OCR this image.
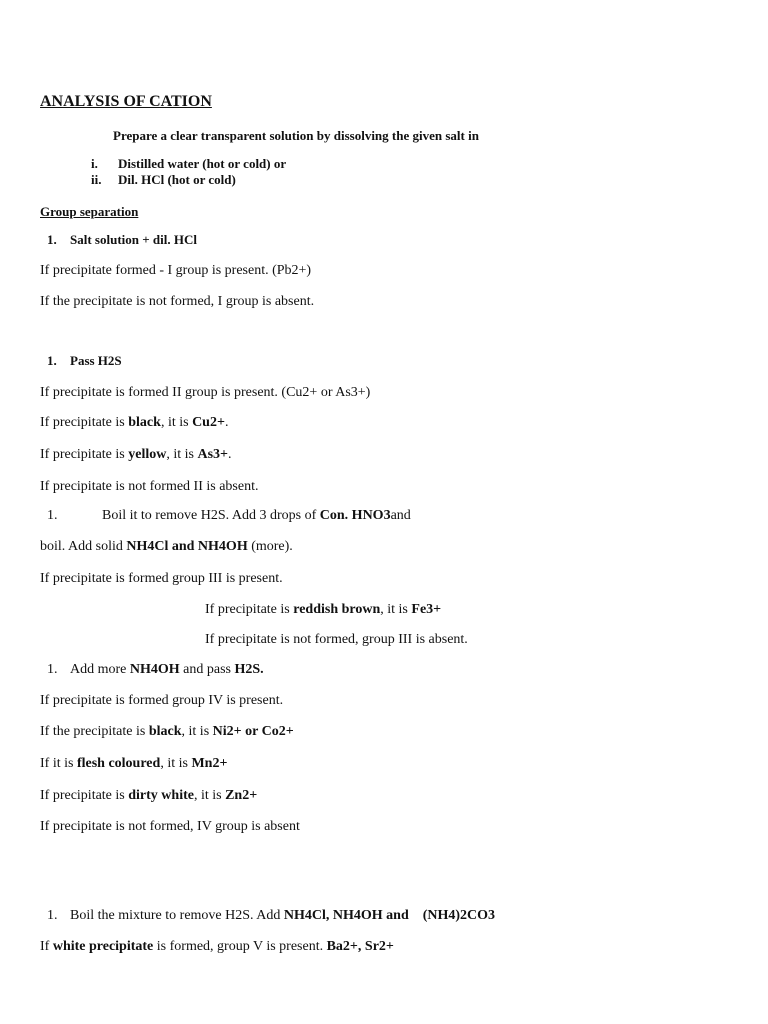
ANALYSIS OF CATION
Prepare a clear transparent solution by dissolving the given salt in
i. Distilled water (hot or cold) or
ii. Dil. HCl (hot or cold)
Group separation
1. Salt solution + dil. HCl
If precipitate formed - I group is present. (Pb2+)
If the precipitate is not formed, I group is absent.
1. Pass H2S
If precipitate is formed II group is present. (Cu2+ or As3+)
If precipitate is black, it is Cu2+.
If precipitate is yellow, it is As3+.
If precipitate is not formed II is absent.
1.	Boil it to remove H2S. Add 3 drops of Con. HNO3and
boil. Add solid NH4Cl and NH4OH (more).
If precipitate is formed group III is present.
If precipitate is reddish brown, it is Fe3+
If precipitate is not formed, group III is absent.
1. Add more NH4OH and pass H2S.
If precipitate is formed group IV is present.
If the precipitate is black, it is Ni2+ or Co2+
If it is flesh coloured, it is Mn2+
If precipitate is dirty white, it is Zn2+
If precipitate is not formed, IV group is absent
1. Boil the mixture to remove H2S. Add NH4Cl, NH4OH and (NH4)2CO3
If white precipitate is formed, group V is present. Ba2+, Sr2+
